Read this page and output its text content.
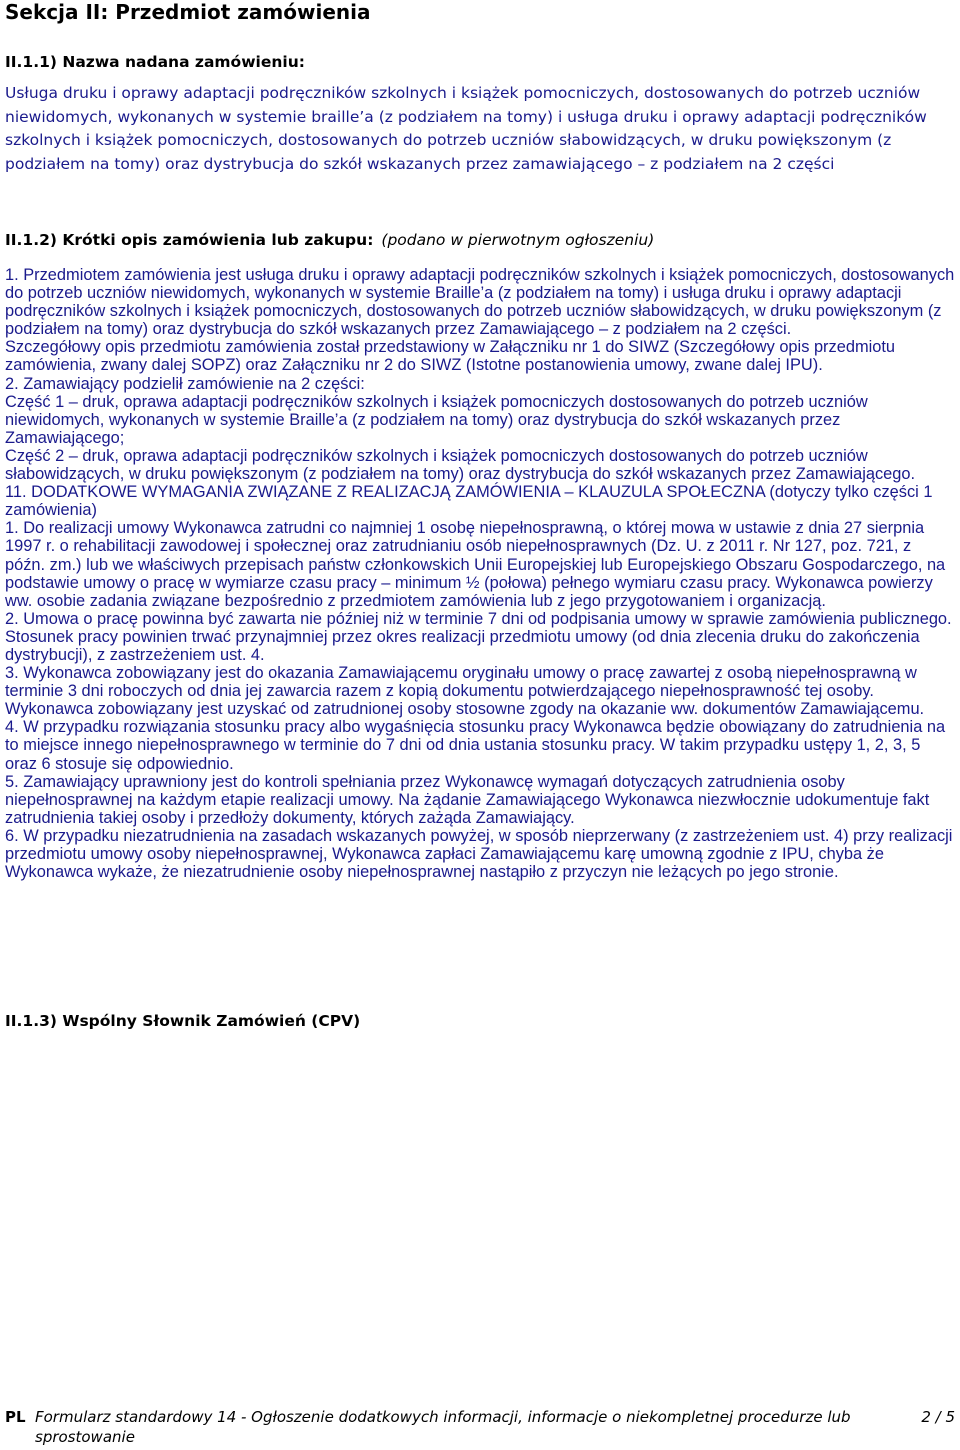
Sekcja II: Przedmiot zamówienia
II.1.1) Nazwa nadana zamówieniu:

Usługa druku i oprawy adaptacji podręczników szkolnych i książek pomocniczych, dostosowanych do potrzeb uczniów niewidomych, wykonanych w systemie braille’a (z podziałem na tomy) i usługa druku i oprawy adaptacji podręczników szkolnych i książek pomocniczych, dostosowanych do potrzeb uczniów słabowidzących, w druku powiększonym (z podziałem na tomy) oraz dystrybucja do szkół wskazanych przez zamawiającego – z podziałem na 2 części

II.1.2) Krótki opis zamówienia lub zakupu: (podano w pierwotnym ogłoszeniu)

1. Przedmiotem zamówienia jest usługa druku i oprawy adaptacji podręczników szkolnych i książek pomocniczych, dostosowanych do potrzeb uczniów niewidomych, wykonanych w systemie Braille’a (z podziałem na tomy) i usługa druku i oprawy adaptacji podręczników szkolnych i książek pomocniczych, dostosowanych do potrzeb uczniów słabowidzących, w druku powiększonym (z podziałem na tomy) oraz dystrybucja do szkół wskazanych przez Zamawiającego – z podziałem na 2 części.

Szczegółowy opis przedmiotu zamówienia został przedstawiony w Załączniku nr 1 do SIWZ (Szczegółowy opis przedmiotu zamówienia, zwany dalej SOPZ) oraz Załączniku nr 2 do SIWZ (Istotne postanowienia umowy, zwane dalej IPU).

2. Zamawiający podzielił zamówienie na 2 części:

Część 1 – druk, oprawa adaptacji podręczników szkolnych i książek pomocniczych dostosowanych do potrzeb uczniów niewidomych, wykonanych w systemie Braille’a (z podziałem na tomy) oraz dystrybucja do szkół wskazanych przez Zamawiającego;

Część 2 – druk, oprawa adaptacji podręczników szkolnych i książek pomocniczych dostosowanych do potrzeb uczniów słabowidzących, w druku powiększonym (z podziałem na tomy) oraz dystrybucja do szkół wskazanych przez Zamawiającego.

11. DODATKOWE WYMAGANIA ZWIĄZANE Z REALIZACJĄ ZAMÓWIENIA – KLAUZULA SPOŁECZNA (dotyczy tylko części 1 zamówienia)

1. Do realizacji umowy Wykonawca zatrudni co najmniej 1 osobę niepełnosprawną, o której mowa w ustawie z dnia 27 sierpnia 1997 r. o rehabilitacji zawodowej i społecznej oraz zatrudnianiu osób niepełnosprawnych (Dz. U. z 2011 r. Nr 127, poz. 721, z późn. zm.) lub we właściwych przepisach państw członkowskich Unii Europejskiej lub Europejskiego Obszaru Gospodarczego, na podstawie umowy o pracę w wymiarze czasu pracy – minimum ½ (połowa) pełnego wymiaru czasu pracy. Wykonawca powierzy ww. osobie zadania związane bezpośrednio z przedmiotem zamówienia lub z jego przygotowaniem i organizacją.

2. Umowa o pracę powinna być zawarta nie później niż w terminie 7 dni od podpisania umowy w sprawie zamówienia publicznego. Stosunek pracy powinien trwać przynajmniej przez okres realizacji przedmiotu umowy (od dnia zlecenia druku do zakończenia dystrybucji), z zastrzeżeniem ust. 4.

3. Wykonawca zobowiązany jest do okazania Zamawiającemu oryginału umowy o pracę zawartej z osobą niepełnosprawną w terminie 3 dni roboczych od dnia jej zawarcia razem z kopią dokumentu potwierdzającego niepełnosprawność tej osoby. Wykonawca zobowiązany jest uzyskać od zatrudnionej osoby stosowne zgody na okazanie ww. dokumentów Zamawiającemu.

4. W przypadku rozwiązania stosunku pracy albo wygaśnięcia stosunku pracy Wykonawca będzie obowiązany do zatrudnienia na to miejsce innego niepełnosprawnego w terminie do 7 dni od dnia ustania stosunku pracy. W takim przypadku ustępy 1, 2, 3, 5 oraz 6 stosuje się odpowiednio.

5. Zamawiający uprawniony jest do kontroli spełniania przez Wykonawcę wymagań dotyczących zatrudnienia osoby niepełnosprawnej na każdym etapie realizacji umowy. Na żądanie Zamawiającego Wykonawca niezwłocznie udokumentuje fakt zatrudnienia takiej osoby i przedłoży dokumenty, których zażąda Zamawiający.

6. W przypadku niezatrudnienia na zasadach wskazanych powyżej, w sposób nieprzerwany (z zastrzeżeniem ust. 4) przy realizacji przedmiotu umowy osoby niepełnosprawnej, Wykonawca zapłaci Zamawiającemu karę umowną zgodnie z IPU, chyba że Wykonawca wykaże, że niezatrudnienie osoby niepełnosprawnej nastąpiło z przyczyn nie leżących po jego stronie.

II.1.3) Wspólny Słownik Zamówień (CPV)
PL Formularz standardowy 14 - Ogłoszenie dodatkowych informacji, informacje o niekompletnej procedurze lub sprostowanie
2 / 5
